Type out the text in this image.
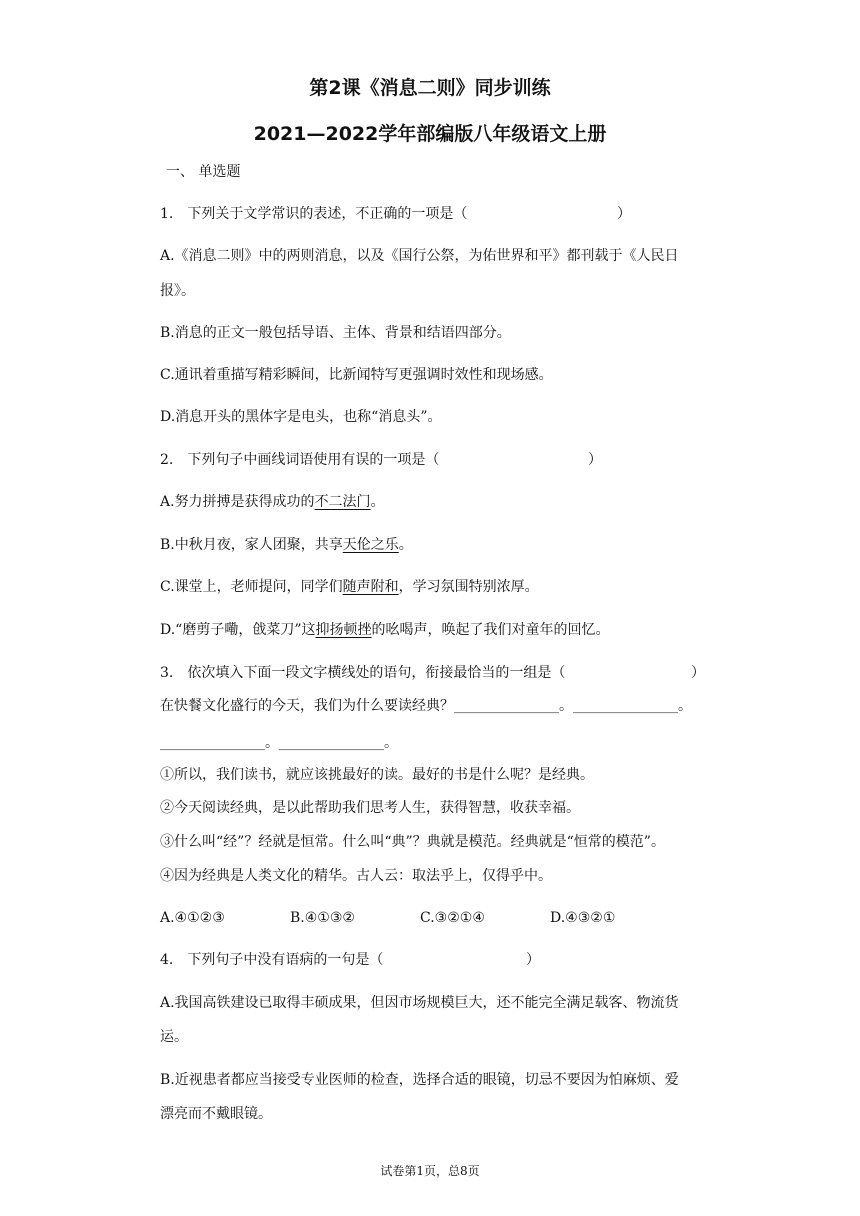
第2课《消息二则》同步训练
2021—2022学年部编版八年级语文上册
一、 单选题
1.　下列关于文学常识的表述，不正确的一项是（	）
A.《消息二则》中的两则消息，以及《国行公祭，为佑世界和平》都刊载于《人民日
报》。
B.消息的正文一般包括导语、主体、背景和结语四部分。
C.通讯着重描写精彩瞬间，比新闻特写更强调时效性和现场感。
D.消息开头的黑体字是电头，也称“消息头”。
2.　下列句子中画线词语使用有误的一项是（	）
A.努力拼搏是获得成功的不二法门。
B.中秋月夜，家人团聚，共享天伦之乐。
C.课堂上，老师提问，同学们随声附和，学习氛围特别浓厚。
D.“磨剪子嘞，戗菜刀”这抑扬顿挫的吆喝声，唤起了我们对童年的回忆。
3.　依次填入下面一段文字横线处的语句，衔接最恰当的一组是（	）
在快餐文化盛行的今天，我们为什么要读经典？_______________。_______________。
_______________。_______________。
①所以，我们读书，就应该挑最好的读。最好的书是什么呢？是经典。
②今天阅读经典，是以此帮助我们思考人生，获得智慧，收获幸福。
③什么叫“经”？经就是恒常。什么叫“典”？典就是模范。经典就是“恒常的模范”。
④因为经典是人类文化的精华。古人云：取法乎上，仅得乎中。
A.④①②③	B.④①③②	C.③②①④	D.④③②①
4.　下列句子中没有语病的一句是（	）
A.我国高铁建设已取得丰硕成果，但因市场规模巨大，还不能完全满足载客、物流货
运。
B.近视患者都应当接受专业医师的检查，选择合适的眼镜，切忌不要因为怕麻烦、爱
漂亮而不戴眼镜。
试卷第1页，总8页
